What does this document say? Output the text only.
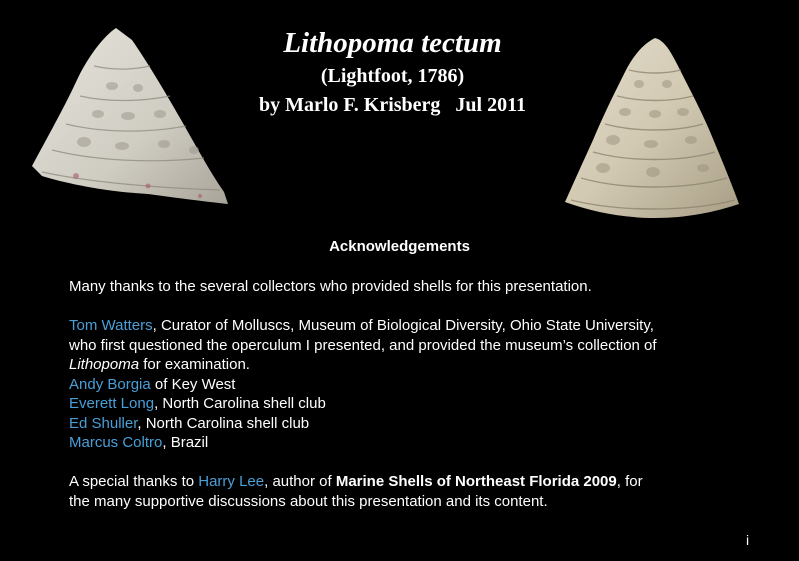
Lithopoma tectum

(Lightfoot, 1786)

by Marlo F. Krisberg   Jul 2011

Acknowledgements

Many thanks to the several collectors who provided shells for this presentation.

Tom Watters, Curator of Molluscs, Museum of Biological Diversity, Ohio State University,

who first questioned the operculum I presented, and provided the museum’s collection of

Lithopoma for examination.

Andy Borgia of Key West

Everett Long, North Carolina shell club

Ed Shuller, North Carolina shell club

Marcus Coltro, Brazil

A special thanks to Harry Lee, author of Marine Shells of Northeast Florida 2009, for

the many supportive discussions about this presentation and its content.

i
